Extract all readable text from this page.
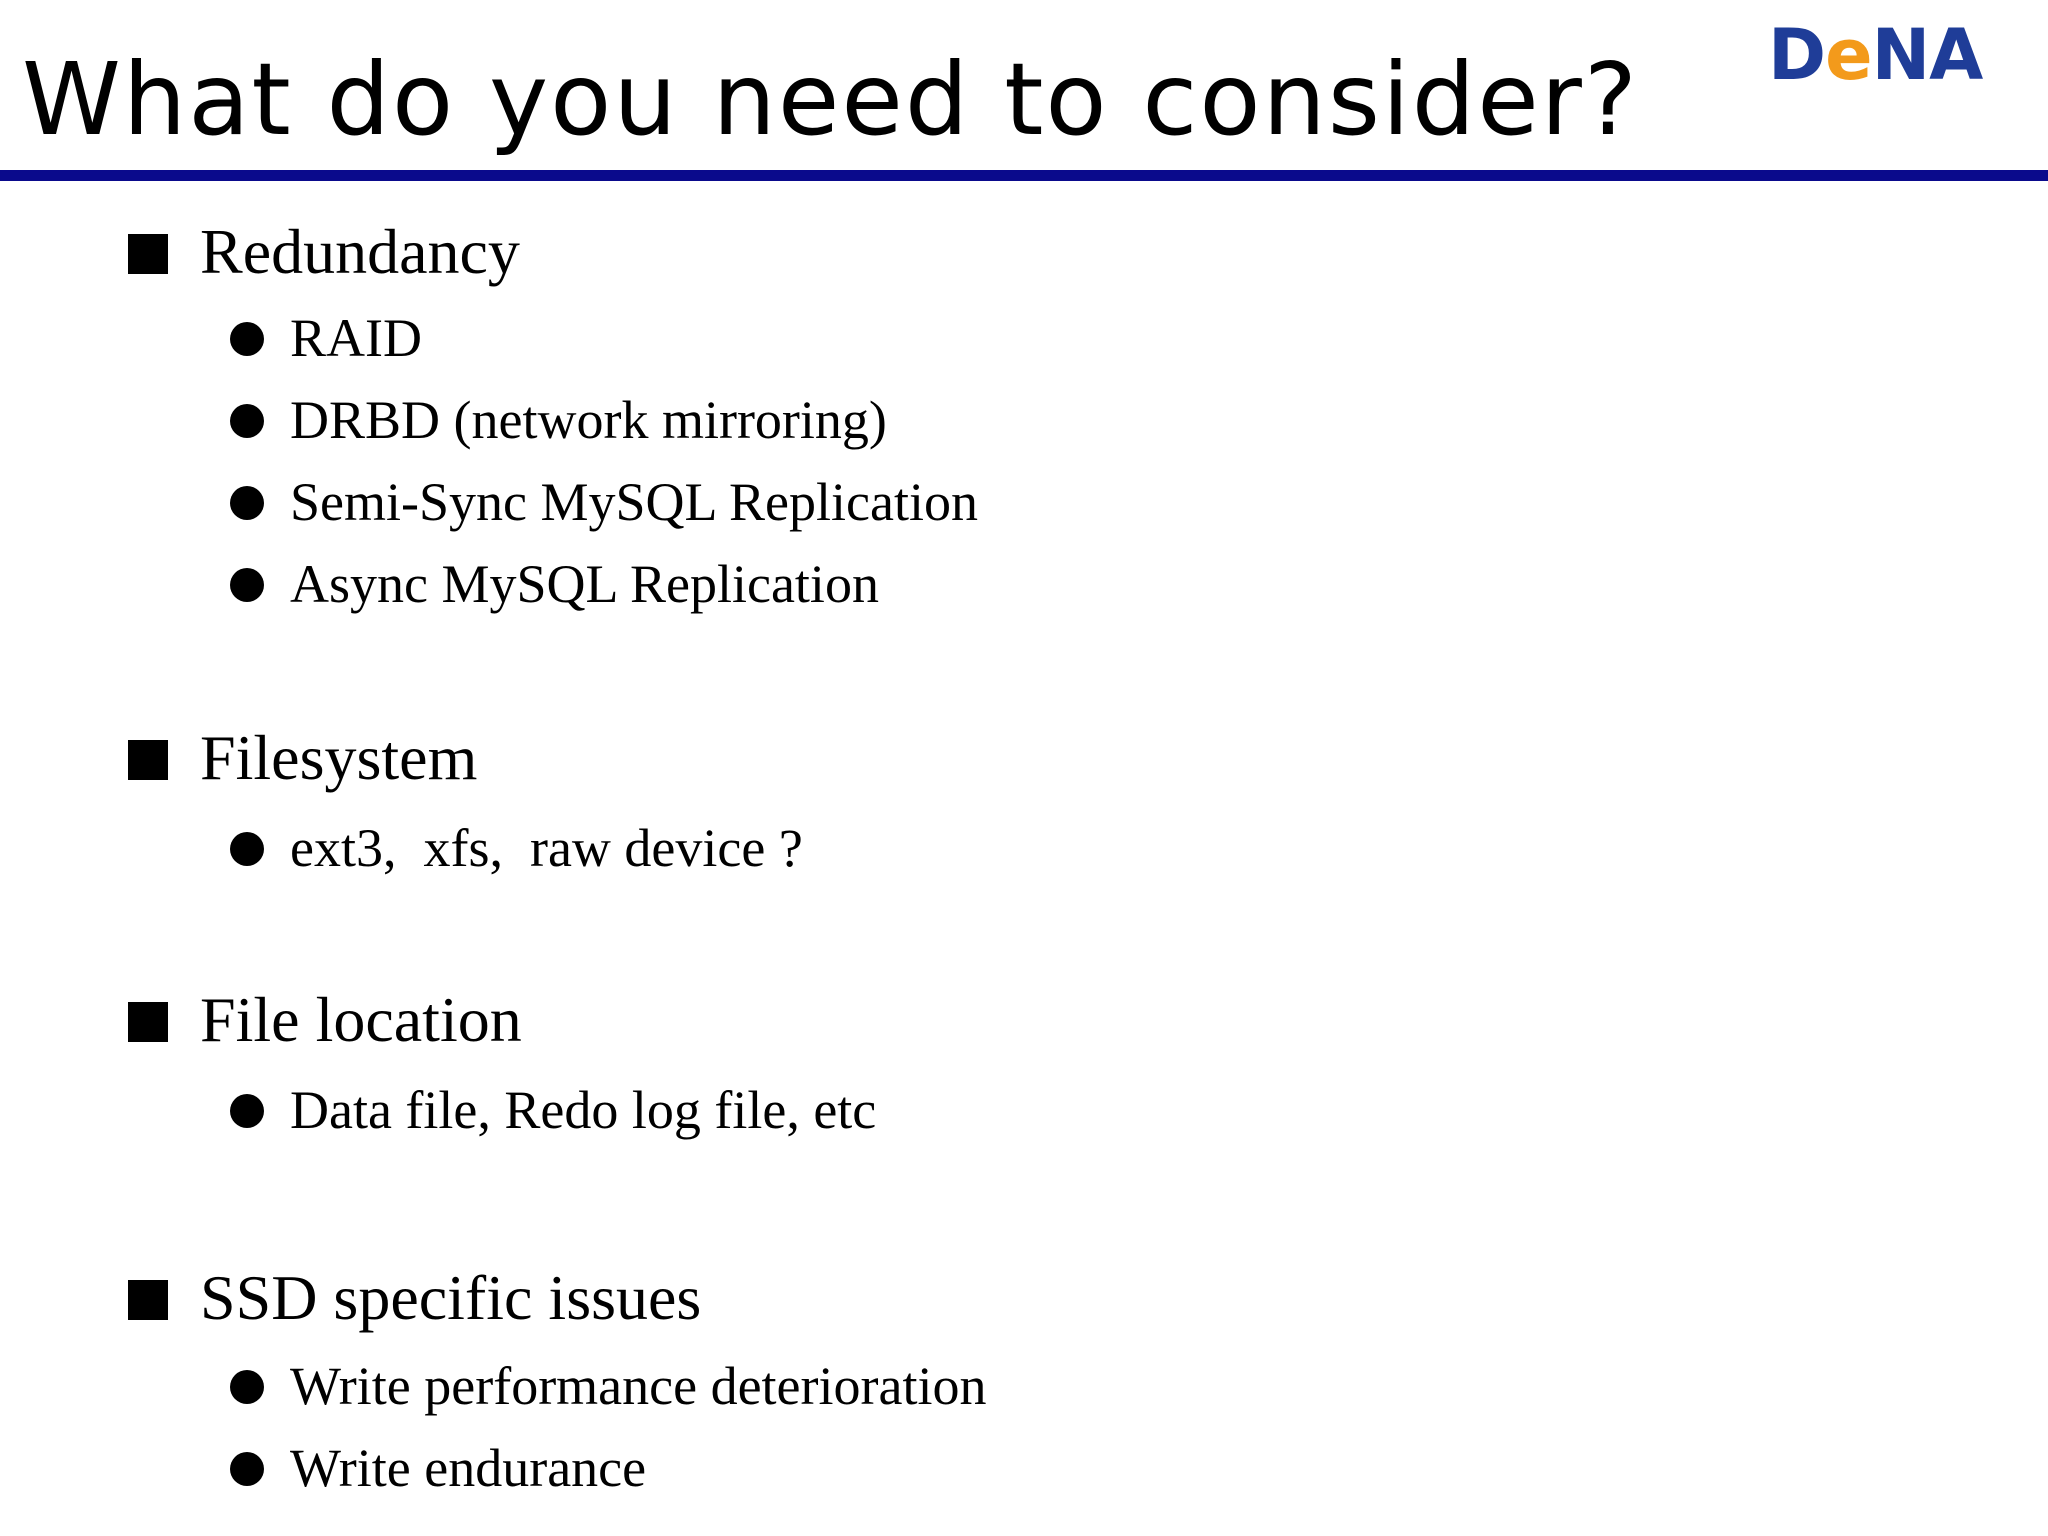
What do you need to consider? DeNA
Redundancy
RAID
DRBD (network mirroring)
Semi-Sync MySQL Replication
Async MySQL Replication
Filesystem
ext3,  xfs,  raw device ?
File location
Data file, Redo log file, etc
SSD specific issues
Write performance deterioration
Write endurance
